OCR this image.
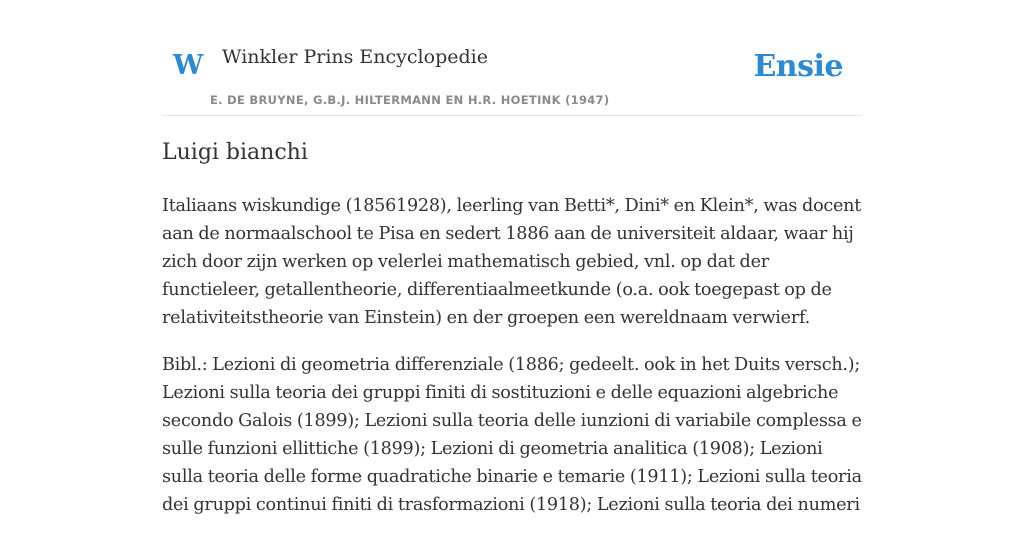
W Winkler Prins Encyclopedie
E. DE BRUYNE, G.B.J. HILTERMANN EN H.R. HOETINK (1947)
Ensie
Luigi bianchi

Italiaans wiskundige (18561928), leerling van Betti*, Dini* en Klein*, was docent aan de normaalschool te Pisa en sedert 1886 aan de universiteit aldaar, waar hij zich door zijn werken op velerlei mathematisch gebied, vnl. op dat der functieleer, getallentheorie, differentiaalmeetkunde (o.a. ook toegepast op de relativiteitstheorie van Einstein) en der groepen een wereldnaam verwierf.

Bibl.: Lezioni di geometria differenziale (1886; gedeelt. ook in het Duits versch.); Lezioni sulla teoria dei gruppi finiti di sostituzioni e delle equazioni algebriche secondo Galois (1899); Lezioni sulla teoria delle iunzioni di variabile complessa e sulle funzioni ellittiche (1899); Lezioni di geometria analitica (1908); Lezioni sulla teoria delle forme quadratiche binarie e temarie (1911); Lezioni sulla teoria dei gruppi continui finiti di trasformazioni (1918); Lezioni sulla teoria dei numeri
